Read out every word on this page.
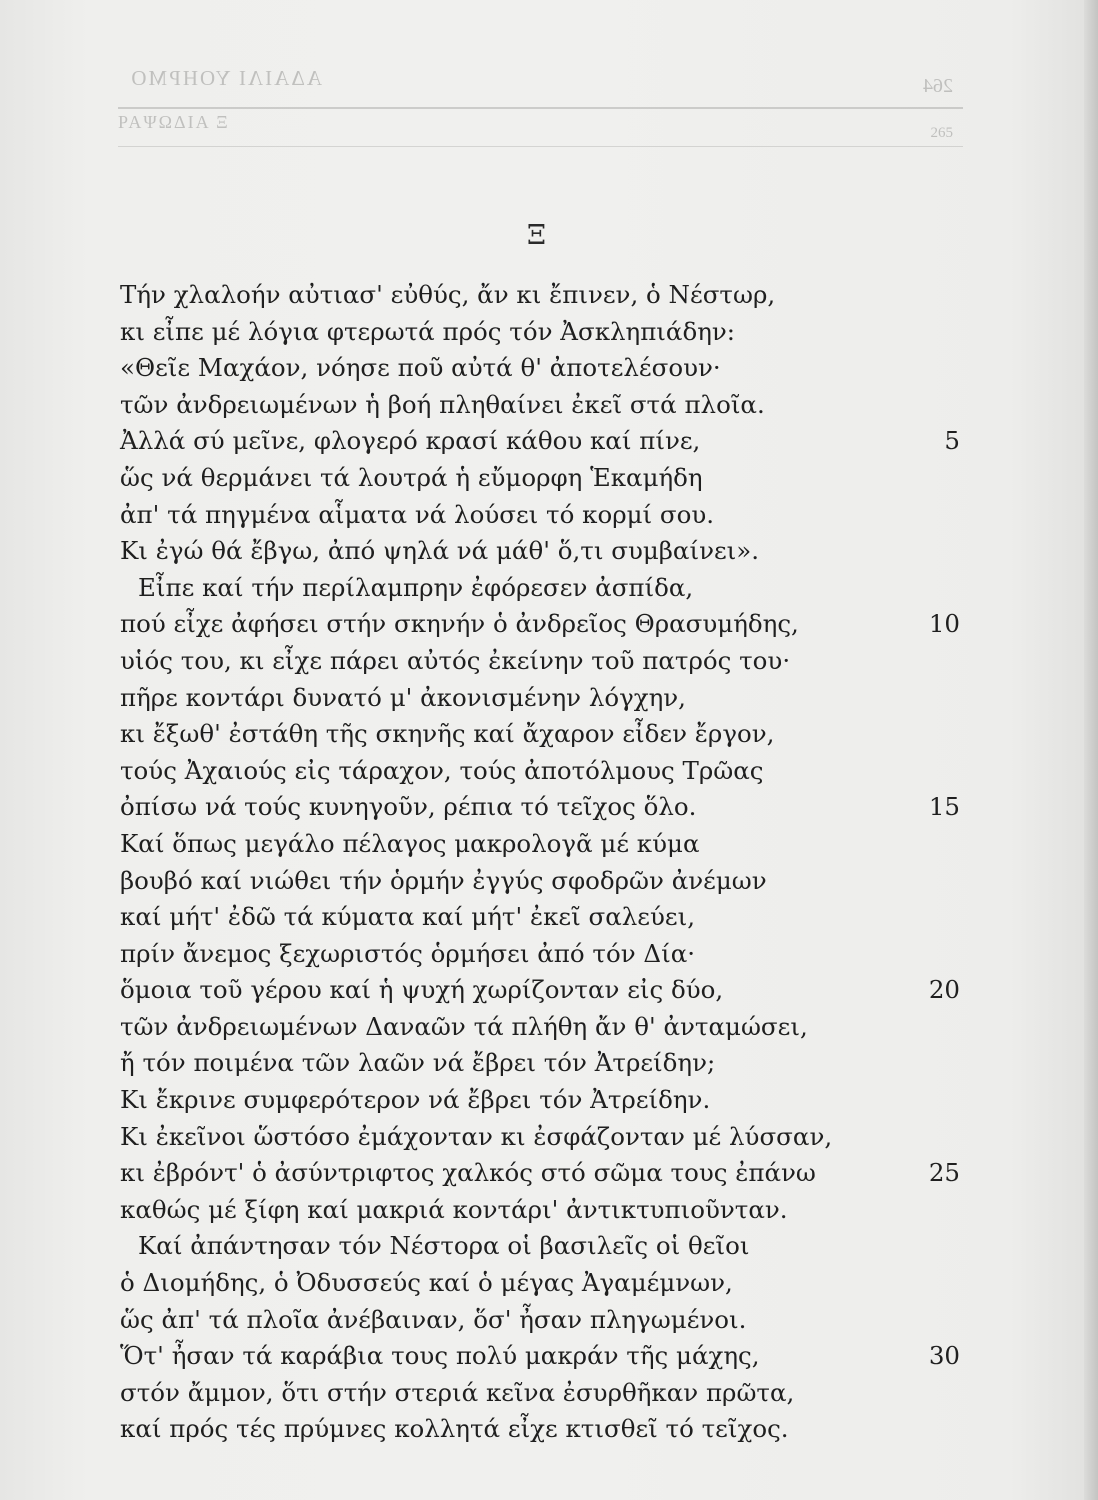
ΑΔΑΙΛΙ ΥΟΗΡΜΟ	264
ΡΑΨΩΔΙΑ Ξ
265
Ξ
Τήν χλαλοήν αὐτιασ' εὐθύς, ἄν κι ἔπινεν, ὁ Νέστωρ,
κι εἶπε μέ λόγια φτερωτά πρός τόν Ἀσκληπιάδην:
«Θεῖε Μαχάον, νόησε ποῦ αὐτά θ' ἀποτελέσουν·
τῶν ἀνδρειωμένων ἡ βοή πληθαίνει ἐκεῖ στά πλοῖα.
Ἀλλά σύ μεῖνε, φλογερό κρασί κάθου καί πίνε,	5
ὥς νά θερμάνει τά λουτρά ἡ εὔμορφη Ἑκαμήδη
ἀπ' τά πηγμένα αἷματα νά λούσει τό κορμί σου.
Κι ἐγώ θά ἔβγω, ἀπό ψηλά νά μάθ' ὅ,τι συμβαίνει».
Εἶπε καί τήν περίλαμπρην ἐφόρεσεν ἀσπίδα,
πού εἶχε ἀφήσει στήν σκηνήν ὁ ἀνδρεῖος Θρασυμήδης,	10
υἱός του, κι εἶχε πάρει αὐτός ἐκείνην τοῦ πατρός του·
πῆρε κοντάρι δυνατό μ' ἀκονισμένην λόγχην,
κι ἔξωθ' ἐστάθη τῆς σκηνῆς καί ἄχαρον εἶδεν ἔργον,
τούς Ἀχαιούς εἰς τάραχον, τούς ἀποτόλμους Τρῶας
ὀπίσω νά τούς κυνηγοῦν, ρέπια τό τεῖχος ὅλο.	15
Καί ὅπως μεγάλο πέλαγος μακρολογᾶ μέ κύμα
βουβό καί νιώθει τήν ὁρμήν ἐγγύς σφοδρῶν ἀνέμων
καί μήτ' ἐδῶ τά κύματα καί μήτ' ἐκεῖ σαλεύει,
πρίν ἄνεμος ξεχωριστός ὁρμήσει ἀπό τόν Δία·
ὅμοια τοῦ γέρου καί ἡ ψυχή χωρίζονταν εἰς δύο,	20
τῶν ἀνδρειωμένων Δαναῶν τά πλήθη ἄν θ' ἀνταμώσει,
ἤ τόν ποιμένα τῶν λαῶν νά ἔβρει τόν Ἀτρείδην;
Κι ἔκρινε συμφερότερον νά ἔβρει τόν Ἀτρείδην.
Κι ἐκεῖνοι ὥστόσο ἐμάχονταν κι ἐσφάζονταν μέ λύσσαν,
κι ἐβρόντ' ὁ ἀσύντριφτος χαλκός στό σῶμα τους ἐπάνω	25
καθώς μέ ξίφη καί μακριά κοντάρι' ἀντικτυπιοῦνταν.
Καί ἀπάντησαν τόν Νέστορα οἱ βασιλεῖς οἱ θεῖοι
ὁ Διομήδης, ὁ Ὀδυσσεύς καί ὁ μέγας Ἀγαμέμνων,
ὥς ἀπ' τά πλοῖα ἀνέβαιναν, ὅσ' ἦσαν πληγωμένοι.
Ὅτ' ἦσαν τά καράβια τους πολύ μακράν τῆς μάχης,	30
στόν ἄμμον, ὅτι στήν στεριά κεῖνα ἐσυρθῆκαν πρῶτα,
καί πρός τές πρύμνες κολλητά εἶχε κτισθεῖ τό τεῖχος.
